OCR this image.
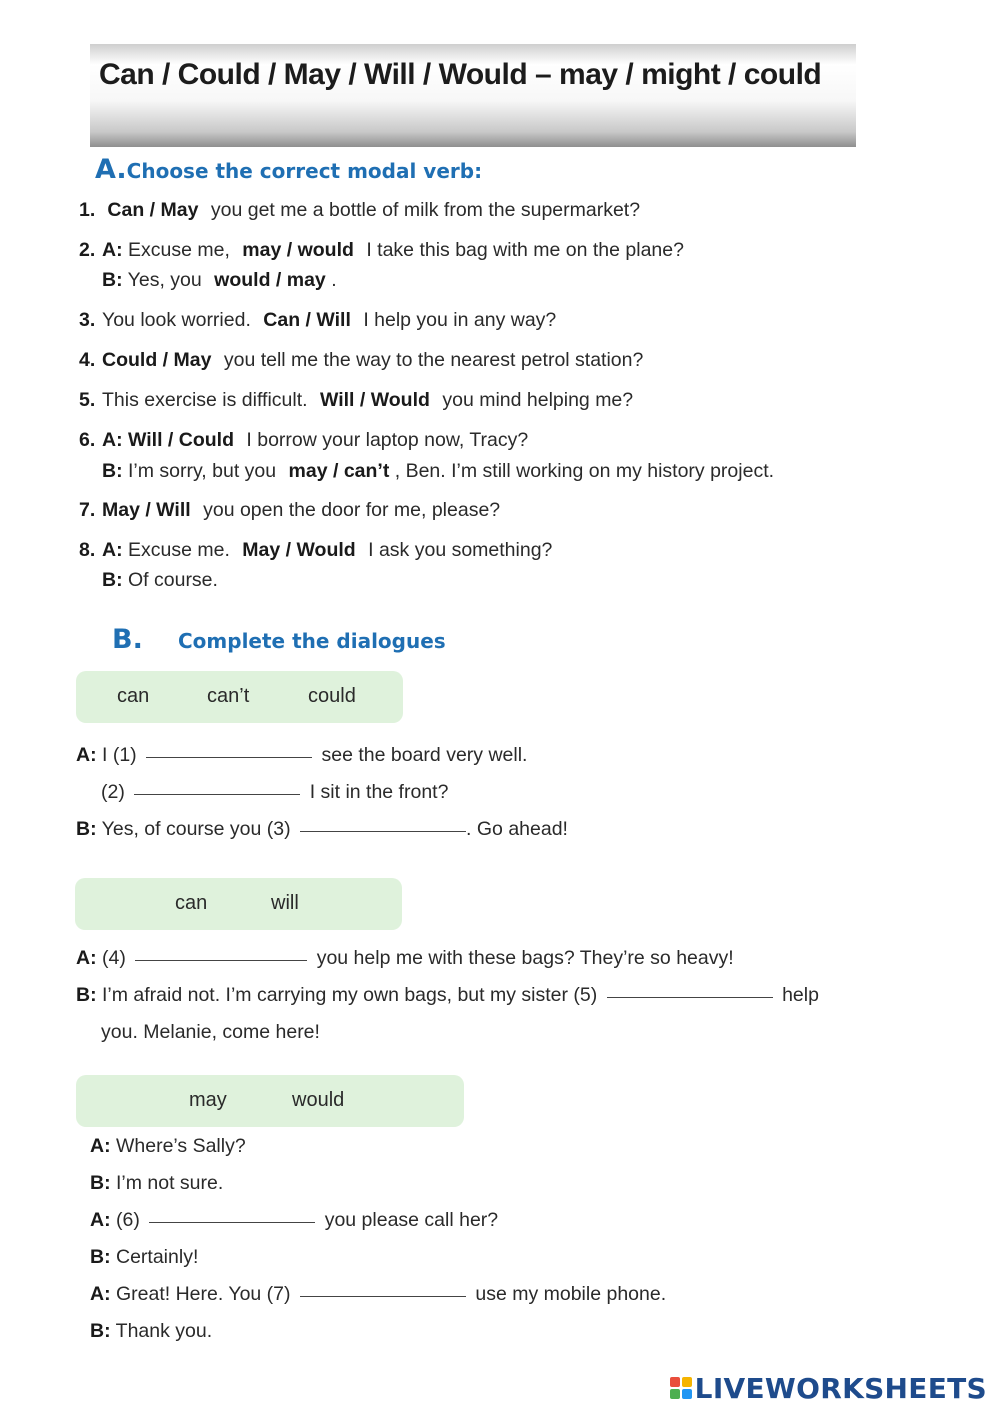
Can / Could / May / Will / Would – may / might / could
A.Choose the correct modal verb:
1. Can / May you get me a bottle of milk from the supermarket?
2. A: Excuse me, may / would I take this bag with me on the plane?
B: Yes, you would / may .
3. You look worried. Can / Will I help you in any way?
4. Could / May you tell me the way to the nearest petrol station?
5. This exercise is difficult. Will / Would you mind helping me?
6. A: Will / Could I borrow your laptop now, Tracy?
B: I’m sorry, but you may / can’t , Ben. I’m still working on my history project.
7. May / Will you open the door for me, please?
8. A: Excuse me. May / Would I ask you something?
B: Of course.
B. Complete the dialogues
can	can’t	could
A: I (1)	see the board very well.
(2)	I sit in the front?
B: Yes, of course you (3)	. Go ahead!
can	will
A: (4)	you help me with these bags? They’re so heavy!
B: I’m afraid not. I’m carrying my own bags, but my sister (5)	help
you. Melanie, come here!
may	would
A: Where’s Sally?
B: I’m not sure.
A: (6)	you please call her?
B: Certainly!
A: Great! Here. You (7)	use my mobile phone.
B: Thank you.
LIVEWORKSHEETS
